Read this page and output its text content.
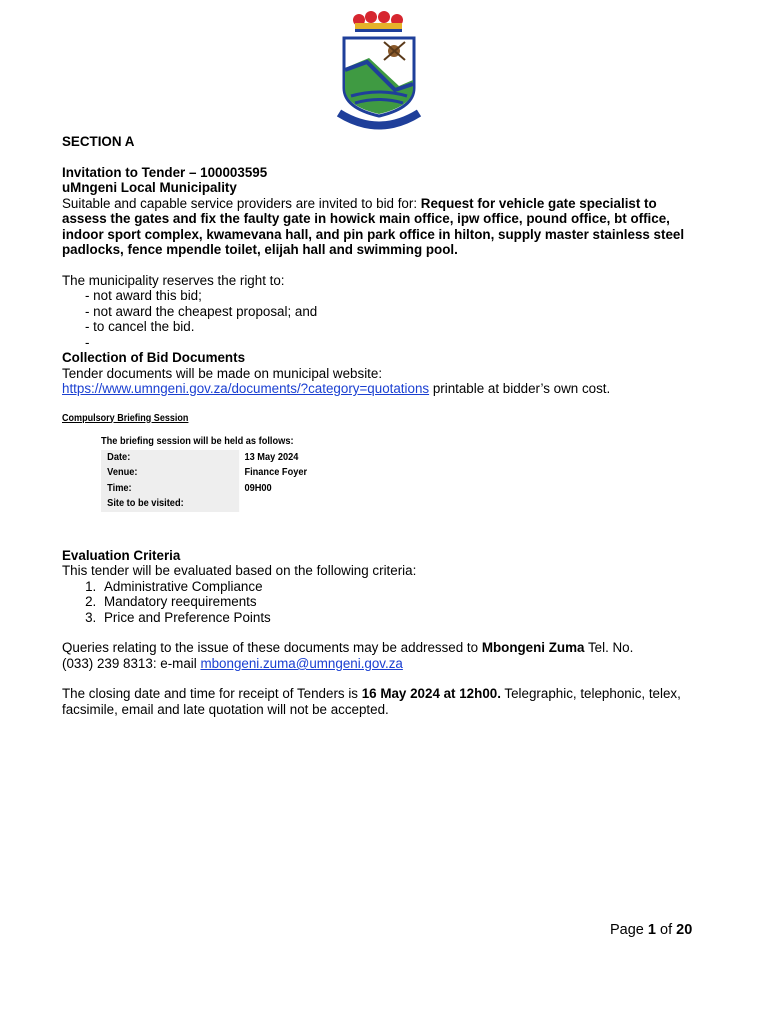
SECTION A

Invitation to Tender – 100003595

uMngeni Local Municipality

Suitable and capable service providers are invited to bid for: Request for vehicle gate specialist to assess the gates and fix the faulty gate in howick main office, ipw office, pound office, bt office, indoor sport complex, kwamevana hall, and pin park office in hilton, supply master stainless steel padlocks, fence mpendle toilet, elijah hall and swimming pool.

The municipality reserves the right to:

- not award this bid;

- not award the cheapest proposal; and

- to cancel the bid.

-

Collection of Bid Documents

Tender documents will be made on municipal website:

https://www.umngeni.gov.za/documents/?category=quotations printable at bidder’s own cost.

Compulsory Briefing Session
The briefing session will be held as follows:
Date:	13 May 2024
Venue:	Finance Foyer
Time:	09H00
Site to be visited:

Evaluation Criteria

This tender will be evaluated based on the following criteria:

1. Administrative Compliance
2. Mandatory reequirements
3. Price and Preference Points

Queries relating to the issue of these documents may be addressed to Mbongeni Zuma Tel. No.

(033) 239 8313: e-mail mbongeni.zuma@umngeni.gov.za

The closing date and time for receipt of Tenders is 16 May 2024 at 12h00. Telegraphic, telephonic, telex, facsimile, email and late quotation will not be accepted.

Page 1 of 20
